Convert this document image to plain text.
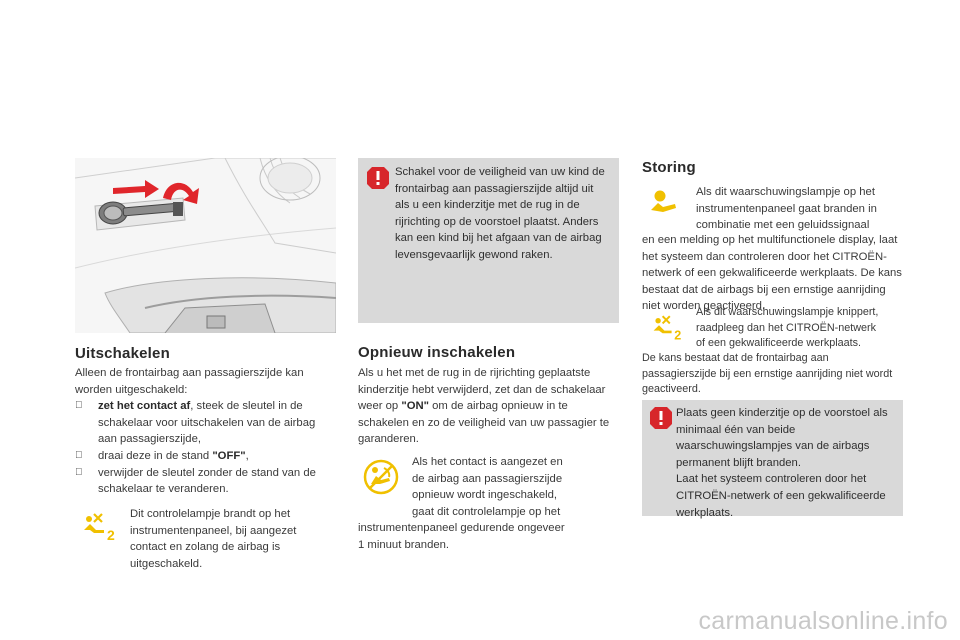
Uitschakelen
Alleen de frontairbag aan passagierszijde kan worden uitgeschakeld:
zet het contact af, steek de sleutel in de schakelaar voor uitschakelen van de airbag aan passagierszijde,
draai deze in de stand "OFF",
verwijder de sleutel zonder de stand van de schakelaar te veranderen.
2
Dit controlelampje brandt op het instrumentenpaneel, bij aangezet contact en zolang de airbag is uitgeschakeld.
Schakel voor de veiligheid van uw kind de frontairbag aan passagierszijde altijd uit als u een kinderzitje met de rug in de rijrichting op de voorstoel plaatst. Anders kan een kind bij het afgaan van de airbag levensgevaarlijk gewond raken.
Opnieuw inschakelen
Als u het met de rug in de rijrichting geplaatste kinderzitje hebt verwijderd, zet dan de schakelaar weer op "ON" om de airbag opnieuw in te schakelen en zo de veiligheid van uw passagier te garanderen.
Als het contact is aangezet en
de airbag aan passagierszijde
opnieuw wordt ingeschakeld,
gaat dit controlelampje op het
instrumentenpaneel gedurende ongeveer
1 minuut branden.
Storing
Als dit waarschuwingslampje op het
instrumentenpaneel gaat branden in
combinatie met een geluidssignaal
en een melding op het multifunctionele display, laat het systeem dan controleren door het CITROËN-netwerk of een gekwalificeerde werkplaats. De kans bestaat dat de airbags bij een ernstige aanrijding niet worden geactiveerd.
2
Als dit waarschuwingslampje knippert,
raadpleeg dan het CITROËN-netwerk
of een gekwalificeerde werkplaats.
De kans bestaat dat de frontairbag aan passagierszijde bij een ernstige aanrijding niet wordt geactiveerd.
Plaats geen kinderzitje op de voorstoel als minimaal één van beide waarschuwingslampjes van de airbags permanent blijft branden.
Laat het systeem controleren door het CITROËN-netwerk of een gekwalificeerde werkplaats.
carmanualsonline.info
